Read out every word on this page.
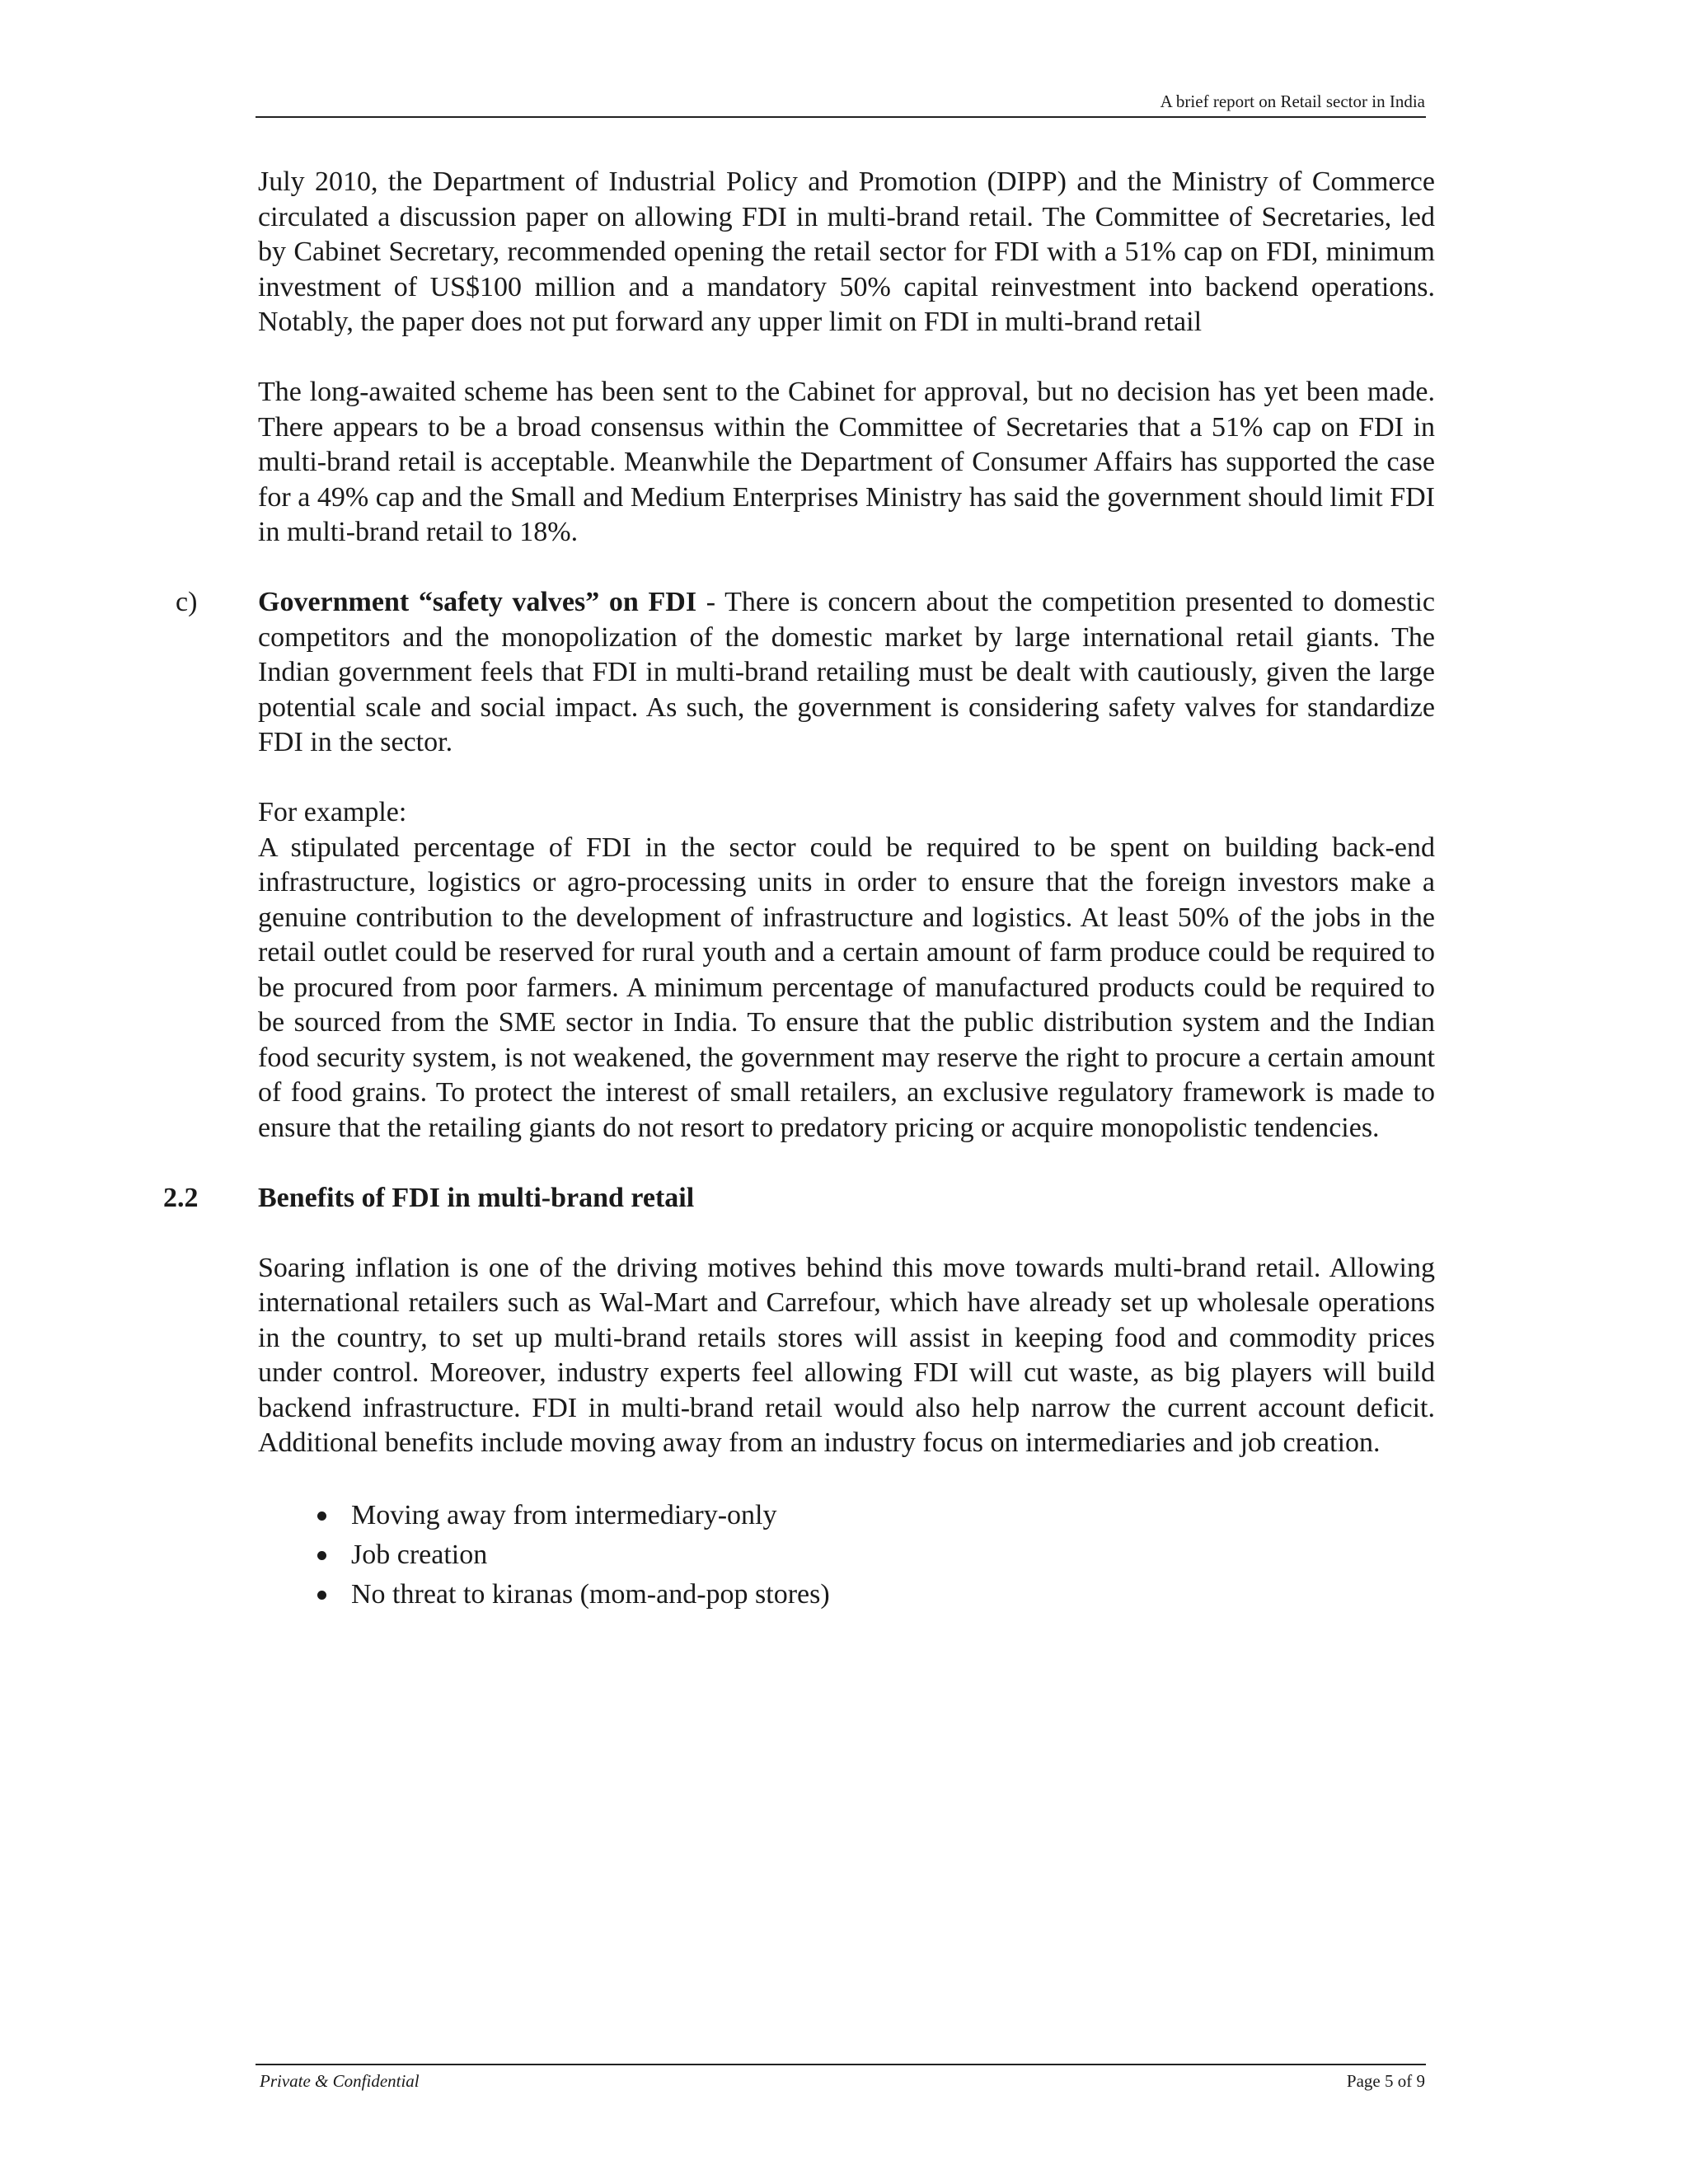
A brief report on Retail sector in India

July 2010, the Department of Industrial Policy and Promotion (DIPP) and the Ministry of Commerce circulated a discussion paper on allowing FDI in multi-brand retail. The Committee of Secretaries, led by Cabinet Secretary, recommended opening the retail sector for FDI with a 51% cap on FDI, minimum investment of US$100 million and a mandatory 50% capital reinvestment into backend operations. Notably, the paper does not put forward any upper limit on FDI in multi-brand retail

The long-awaited scheme has been sent to the Cabinet for approval, but no decision has yet been made. There appears to be a broad consensus within the Committee of Secretaries that a 51% cap on FDI in multi-brand retail is acceptable. Meanwhile the Department of Consumer Affairs has supported the case for a 49% cap and the Small and Medium Enterprises Ministry has said the government should limit FDI in multi-brand retail to 18%.

c) Government “safety valves” on FDI - There is concern about the competition presented to domestic competitors and the monopolization of the domestic market by large international retail giants. The Indian government feels that FDI in multi-brand retailing must be dealt with cautiously, given the large potential scale and social impact. As such, the government is considering safety valves for standardize FDI in the sector.

For example:

A stipulated percentage of FDI in the sector could be required to be spent on building back-end infrastructure, logistics or agro-processing units in order to ensure that the foreign investors make a genuine contribution to the development of infrastructure and logistics. At least 50% of the jobs in the retail outlet could be reserved for rural youth and a certain amount of farm produce could be required to be procured from poor farmers. A minimum percentage of manufactured products could be required to be sourced from the SME sector in India. To ensure that the public distribution system and the Indian food security system, is not weakened, the government may reserve the right to procure a certain amount of food grains. To protect the interest of small retailers, an exclusive regulatory framework is made to ensure that the retailing giants do not resort to predatory pricing or acquire monopolistic tendencies.

2.2 Benefits of FDI in multi-brand retail

Soaring inflation is one of the driving motives behind this move towards multi-brand retail. Allowing international retailers such as Wal-Mart and Carrefour, which have already set up wholesale operations in the country, to set up multi-brand retails stores will assist in keeping food and commodity prices under control. Moreover, industry experts feel allowing FDI will cut waste, as big players will build backend infrastructure. FDI in multi-brand retail would also help narrow the current account deficit. Additional benefits include moving away from an industry focus on intermediaries and job creation.

Moving away from intermediary-only
Job creation
No threat to kiranas (mom-and-pop stores)
Private & Confidential	Page 5 of 9
